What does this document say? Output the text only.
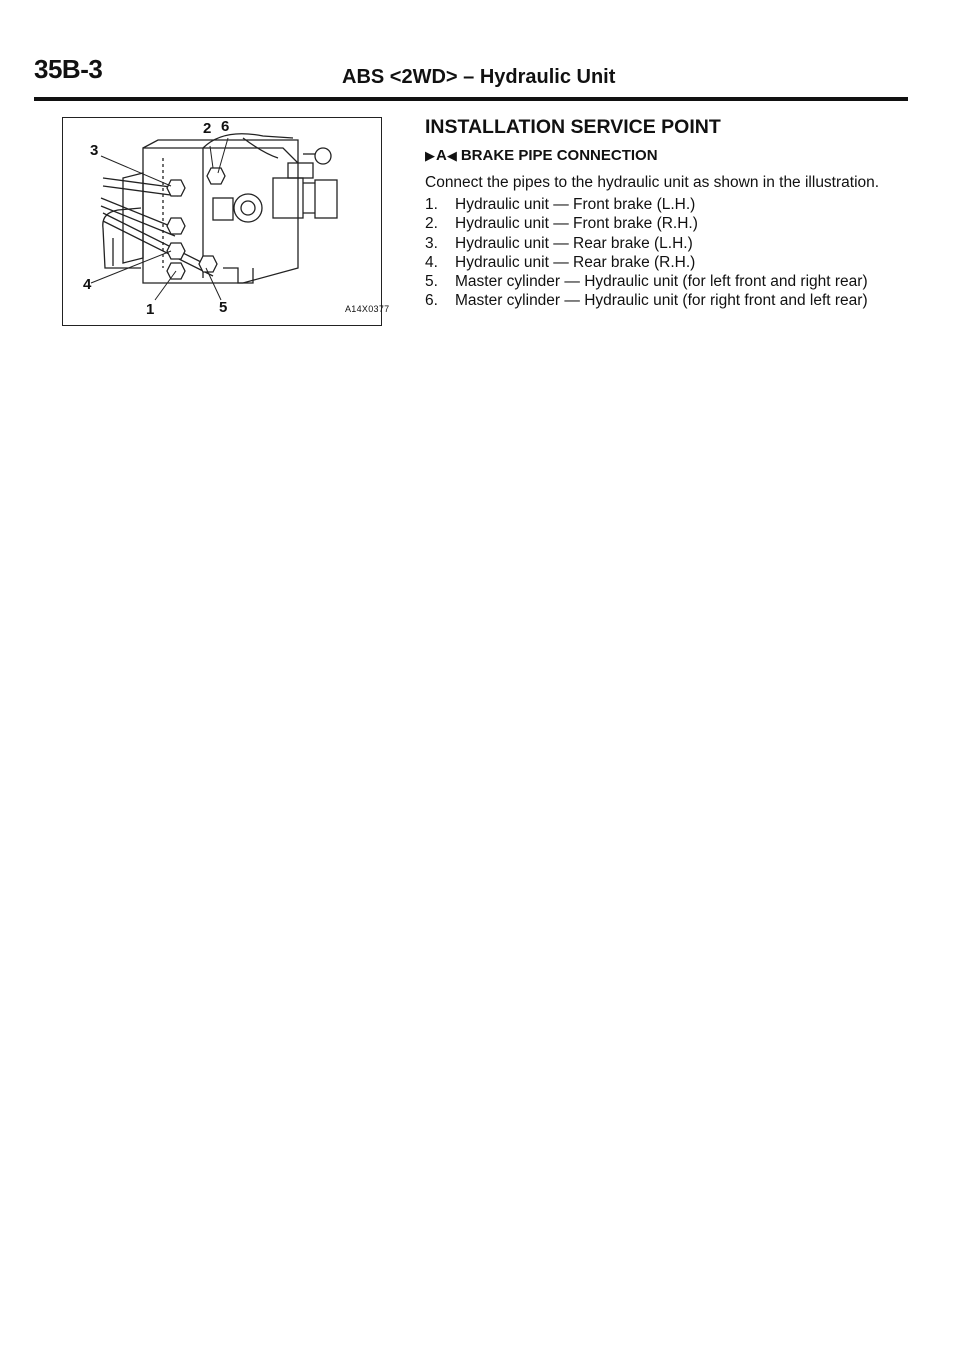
35B-3	ABS <2WD> – Hydraulic Unit
2 6
3
4
1	5	A14X0377
INSTALLATION SERVICE POINT
▶ A ◀ BRAKE PIPE CONNECTION

Connect the pipes to the hydraulic unit as shown in the illustration.

1.	Hydraulic unit — Front brake (L.H.)
2.	Hydraulic unit — Front brake (R.H.)
3.	Hydraulic unit — Rear brake (L.H.)
4.	Hydraulic unit — Rear brake (R.H.)
5.	Master cylinder — Hydraulic unit (for left front and right rear)
6.	Master cylinder — Hydraulic unit (for right front and left rear)
